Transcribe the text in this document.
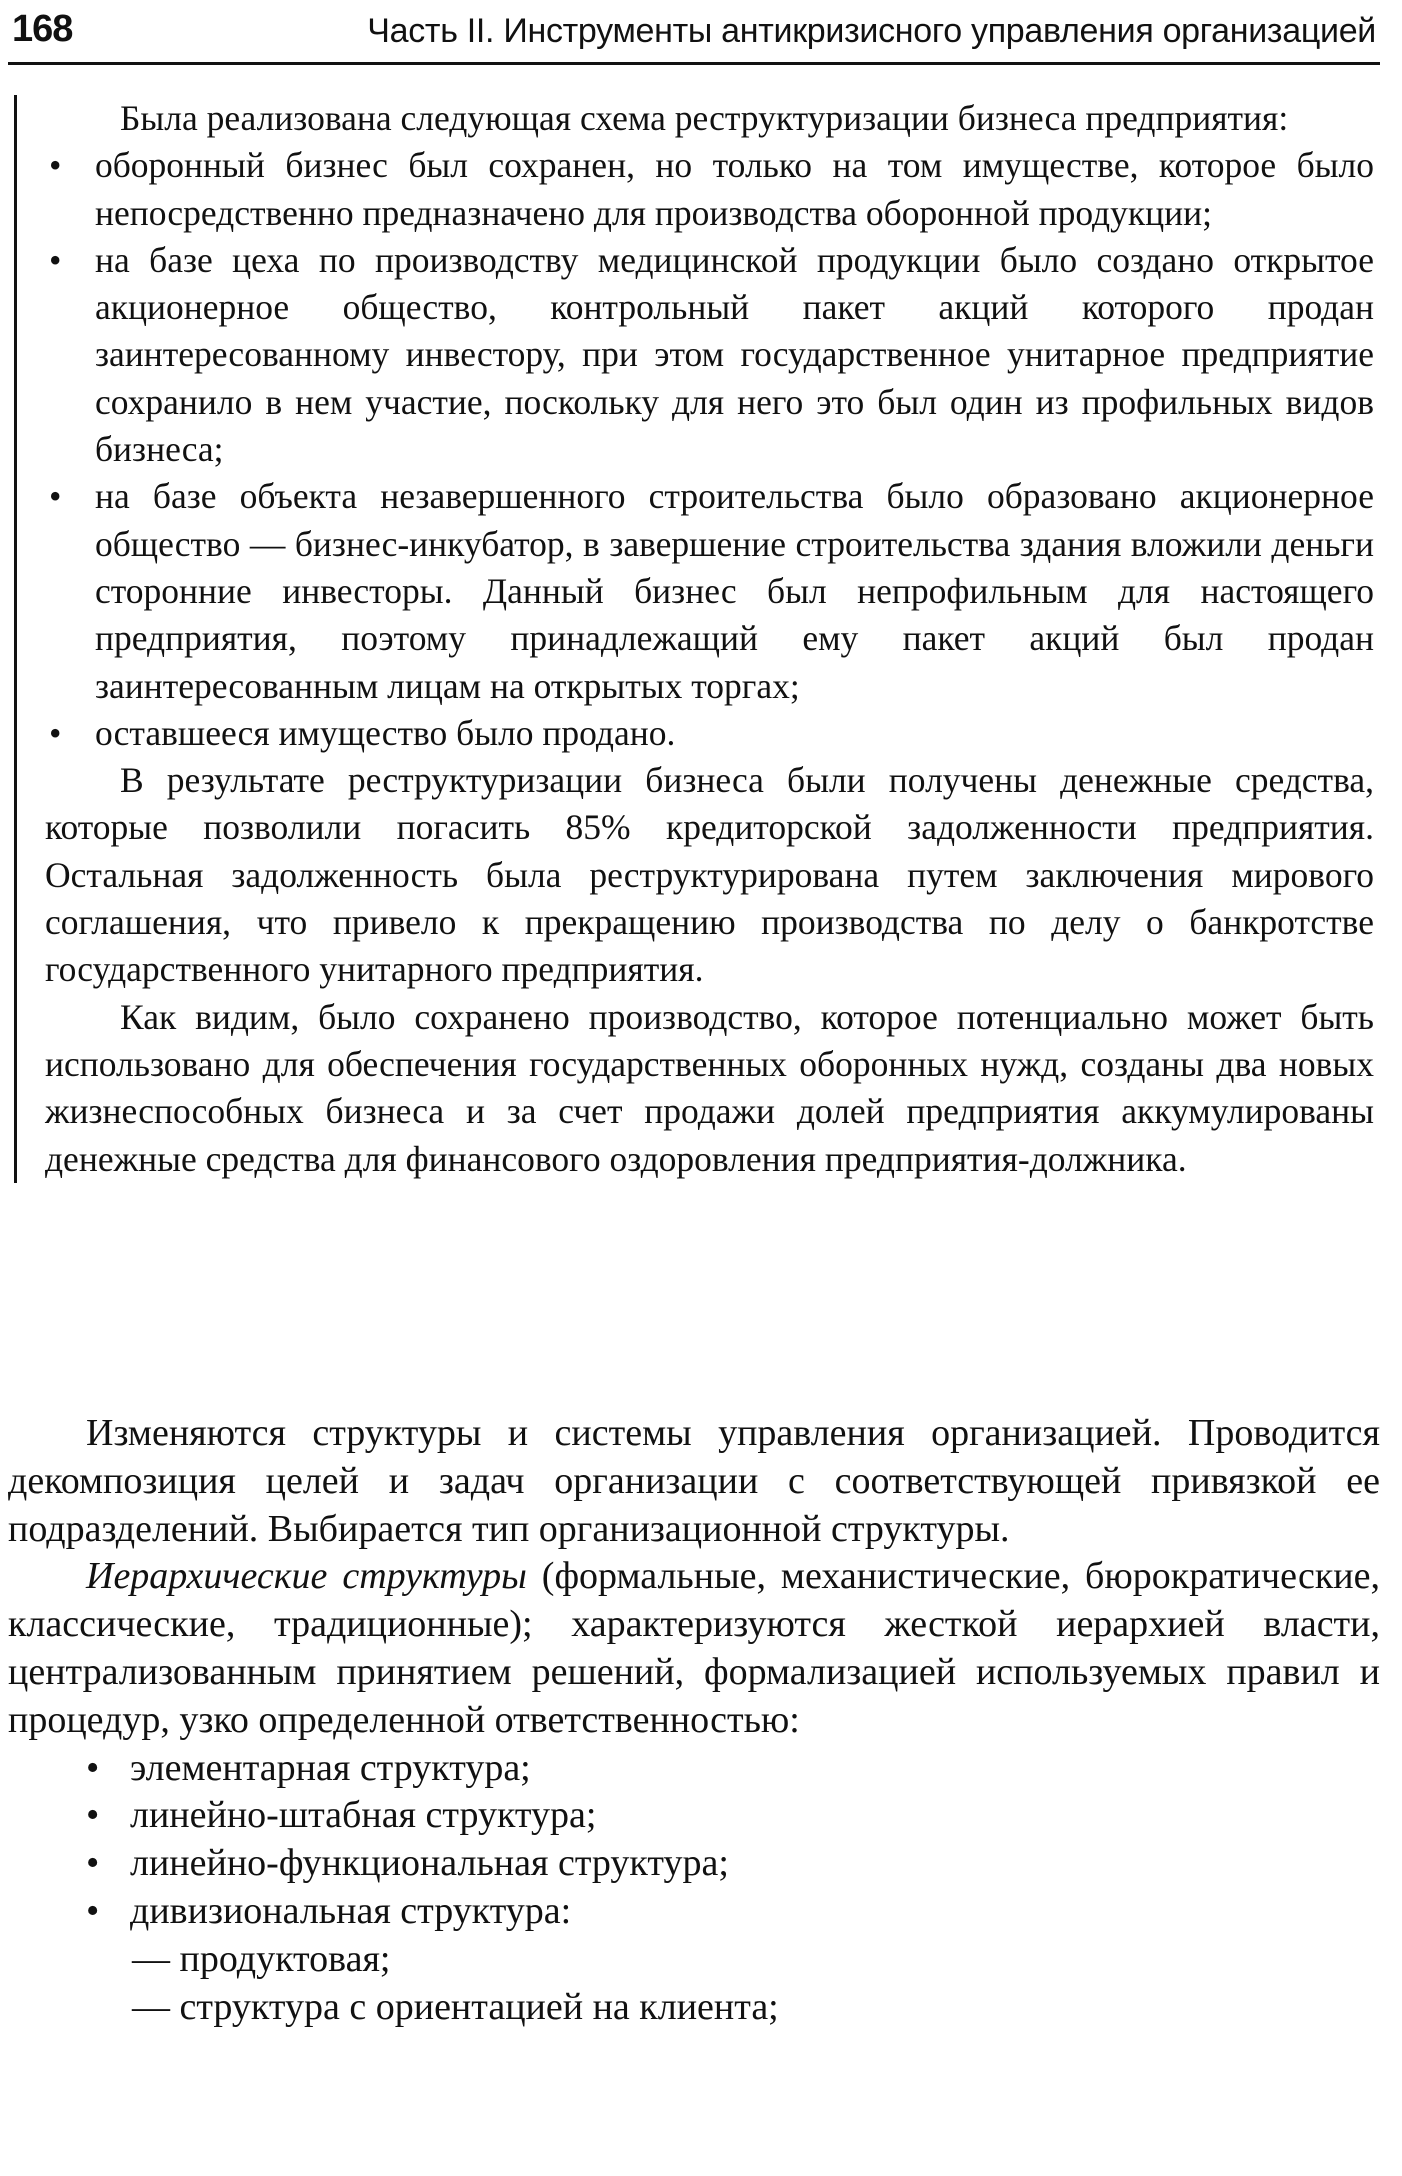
168	Часть II. Инструменты антикризисного управления организацией

Была реализована следующая схема реструктуризации бизнеса предприятия:

• оборонный бизнес был сохранен, но только на том имуществе, которое было непосредственно предназначено для производства оборонной продукции;
• на базе цеха по производству медицинской продукции было создано открытое акционерное общество, контрольный пакет акций которого продан заинтересованному инвестору, при этом государственное унитарное предприятие сохранило в нем участие, поскольку для него это был один из профильных видов бизнеса;
• на базе объекта незавершенного строительства было образовано акционерное общество — бизнес-инкубатор, в завершение строительства здания вложили деньги сторонние инвесторы. Данный бизнес был непрофильным для настоящего предприятия, поэтому принадлежащий ему пакет акций был продан заинтересованным лицам на открытых торгах;
• оставшееся имущество было продано.

В результате реструктуризации бизнеса были получены денежные средства, которые позволили погасить 85% кредиторской задолженности предприятия. Остальная задолженность была реструктурирована путем заключения мирового соглашения, что привело к прекращению производства по делу о банкротстве государственного унитарного предприятия.

Как видим, было сохранено производство, которое потенциально может быть использовано для обеспечения государственных оборонных нужд, созданы два новых жизнеспособных бизнеса и за счет продажи долей предприятия аккумулированы денежные средства для финансового оздоровления предприятия-должника.

Изменяются структуры и системы управления организацией. Проводится декомпозиция целей и задач организации с соответствующей привязкой ее подразделений. Выбирается тип организационной структуры.

Иерархические структуры (формальные, механистические, бюрократические, классические, традиционные); характеризуются жесткой иерархией власти, централизованным принятием решений, формализацией используемых правил и процедур, узко определенной ответственностью:

• элементарная структура;
• линейно-штабная структура;
• линейно-функциональная структура;
• дивизиональная структура:
— продуктовая;
— структура с ориентацией на клиента;
